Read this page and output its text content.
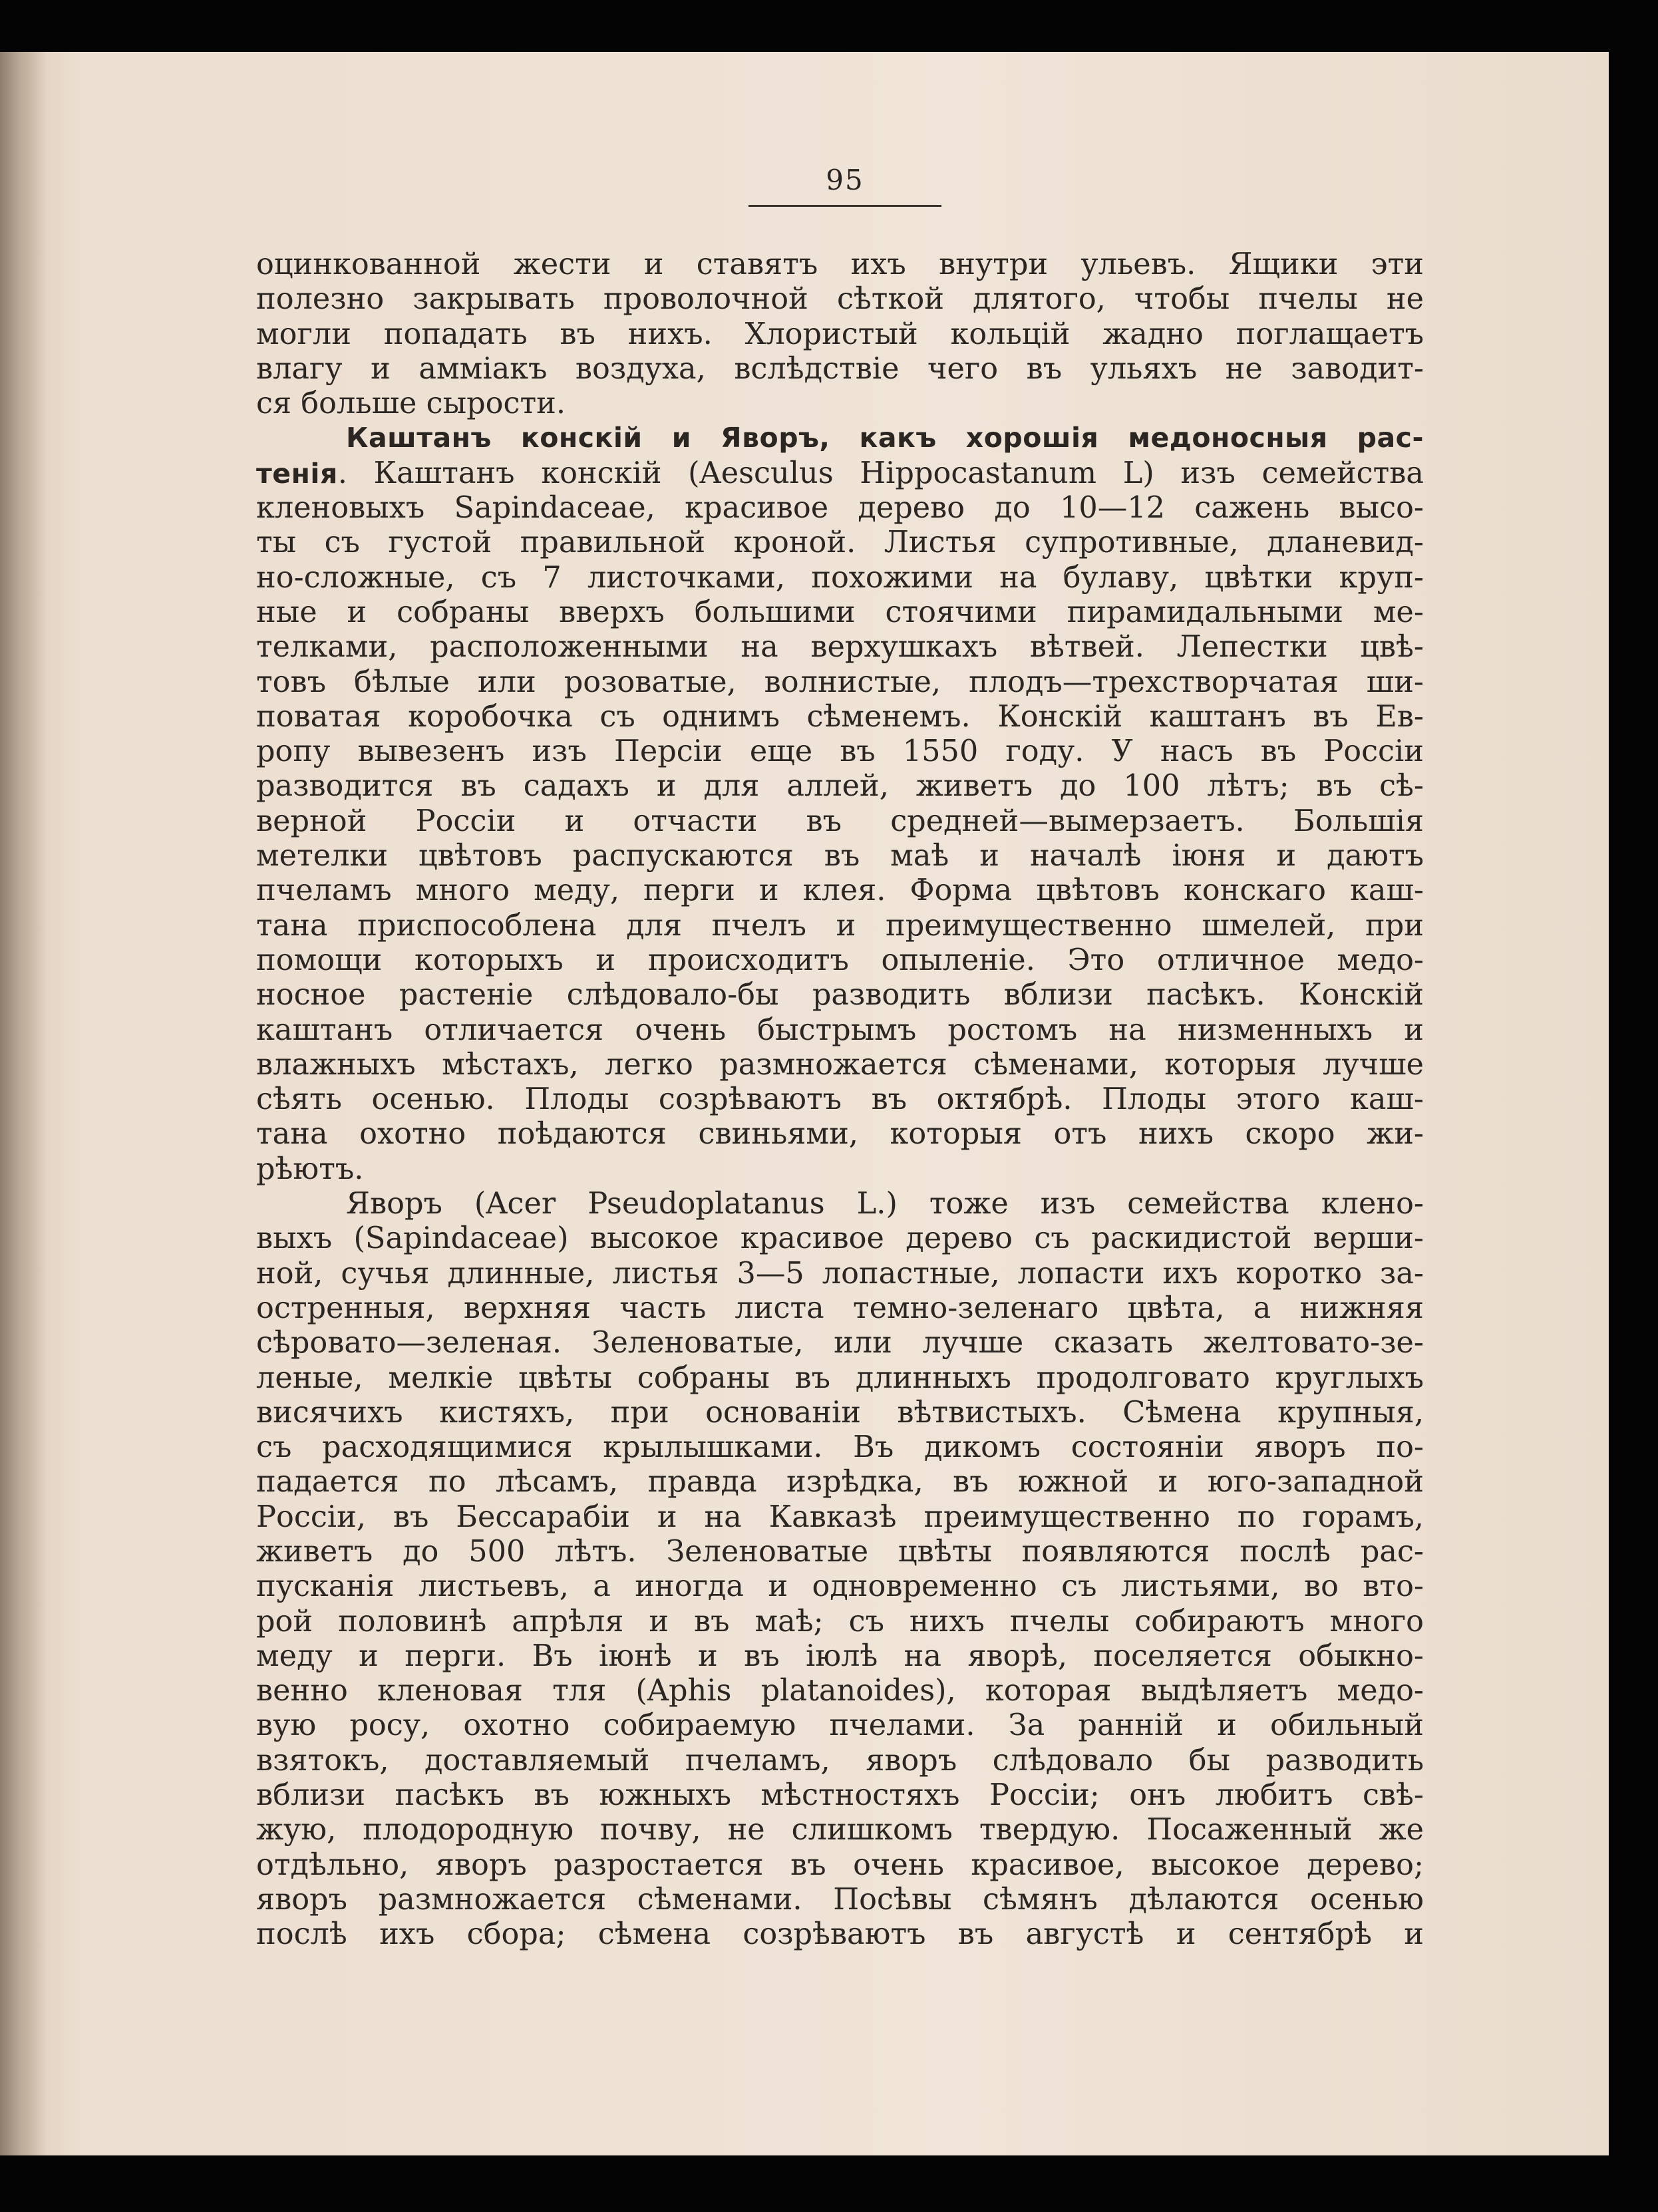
95
оцинкованной жести и ставятъ ихъ внутри ульевъ. Ящики эти
полезно закрывать проволочной сѣткой длятого, чтобы пчелы не
могли попадать въ нихъ. Хлористый кольцій жадно поглащаетъ
влагу и амміакъ воздуха, вслѣдствіе чего въ ульяхъ не заводит-
ся больше сырости.
Каштанъ конскій и Яворъ, какъ хорошія медоносныя рас-
тенія. Каштанъ конскій (Aesculus Hippocastanum L) изъ семейства
кленовыхъ Sapindaceae, красивое дерево до 10—12 сажень высо-
ты съ густой правильной кроной. Листья супротивные, дланевид-
но-сложные, съ 7 листочками, похожими на булаву, цвѣтки круп-
ные и собраны вверхъ большими стоячими пирамидальными ме-
телками, расположенными на верхушкахъ вѣтвей. Лепестки цвѣ-
товъ бѣлые или розоватые, волнистые, плодъ—трехстворчатая ши-
поватая коробочка съ однимъ сѣменемъ. Конскій каштанъ въ Ев-
ропу вывезенъ изъ Персіи еще въ 1550 году. У насъ въ Россіи
разводится въ садахъ и для аллей, живетъ до 100 лѣтъ; въ сѣ-
верной Россіи и отчасти въ средней—вымерзаетъ. Большія
метелки цвѣтовъ распускаются въ маѣ и началѣ іюня и даютъ
пчеламъ много меду, перги и клея. Форма цвѣтовъ конскаго каш-
тана приспособлена для пчелъ и преимущественно шмелей, при
помощи которыхъ и происходитъ опыленіе. Это отличное медо-
носное растеніе слѣдовало-бы разводить вблизи пасѣкъ. Конскій
каштанъ отличается очень быстрымъ ростомъ на низменныхъ и
влажныхъ мѣстахъ, легко размножается сѣменами, которыя лучше
сѣять осенью. Плоды созрѣваютъ въ октябрѣ. Плоды этого каш-
тана охотно поѣдаются свиньями, которыя отъ нихъ скоро жи-
рѣютъ.
Яворъ (Acer Pseudoplatanus L.) тоже изъ семейства клено-
выхъ (Sapindaceae) высокое красивое дерево съ раскидистой верши-
ной, сучья длинные, листья 3—5 лопастные, лопасти ихъ коротко за-
остренныя, верхняя часть листа темно-зеленаго цвѣта, а нижняя
сѣровато—зеленая. Зеленоватые, или лучше сказать желтовато-зе-
леные, мелкіе цвѣты собраны въ длинныхъ продолговато круглыхъ
висячихъ кистяхъ, при основаніи вѣтвистыхъ. Сѣмена крупныя,
съ расходящимися крылышками. Въ дикомъ состояніи яворъ по-
падается по лѣсамъ, правда изрѣдка, въ южной и юго-западной
Россіи, въ Бессарабіи и на Кавказѣ преимущественно по горамъ,
живетъ до 500 лѣтъ. Зеленоватые цвѣты появляются послѣ рас-
пусканія листьевъ, а иногда и одновременно съ листьями, во вто-
рой половинѣ апрѣля и въ маѣ; съ нихъ пчелы собираютъ много
меду и перги. Въ іюнѣ и въ іюлѣ на яворѣ, поселяется обыкно-
венно кленовая тля (Aphis platanoides), которая выдѣляетъ медо-
вую росу, охотно собираемую пчелами. За ранній и обильный
взятокъ, доставляемый пчеламъ, яворъ слѣдовало бы разводить
вблизи пасѣкъ въ южныхъ мѣстностяхъ Россіи; онъ любитъ свѣ-
жую, плодородную почву, не слишкомъ твердую. Посаженный же
отдѣльно, яворъ разростается въ очень красивое, высокое дерево;
яворъ размножается сѣменами. Посѣвы сѣмянъ дѣлаются осенью
послѣ ихъ сбора; сѣмена созрѣваютъ въ августѣ и сентябрѣ и
